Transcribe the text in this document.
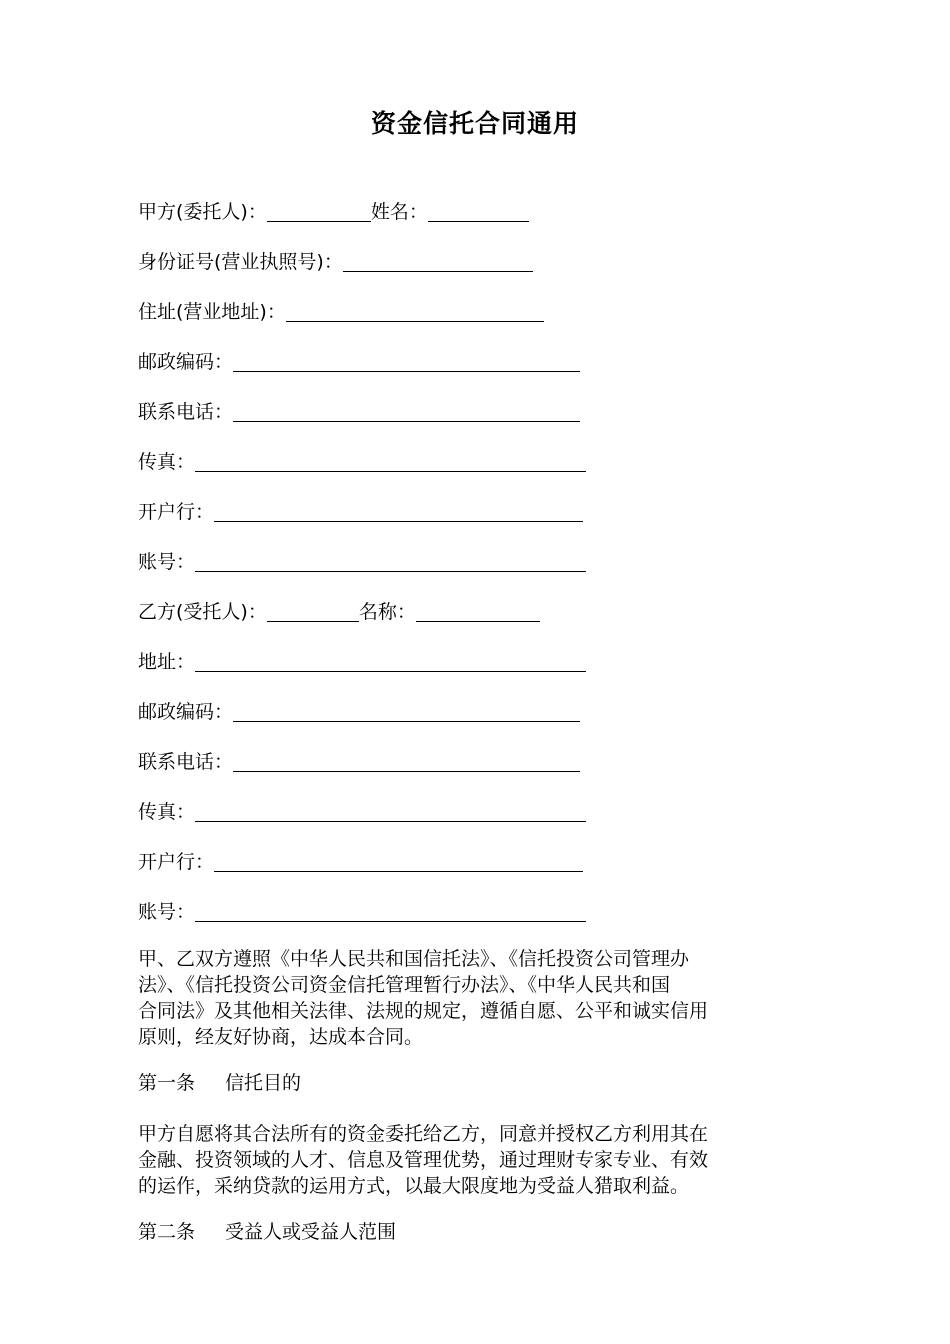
资金信托合同通用
甲方(委托人)：	姓名：
身份证号(营业执照号)：
住址(营业地址)：
邮政编码：
联系电话：
传真：
开户行：
账号：
乙方(受托人)：	名称：
地址：
邮政编码：
联系电话：
传真：
开户行：
账号：

甲、乙双方遵照《中华人民共和国信托法》、《信托投资公司管理办

法》、《信托投资公司资金信托管理暂行办法》、《中华人民共和国

合同法》及其他相关法律、法规的规定，遵循自愿、公平和诚实信用

原则，经友好协商，达成本合同。

第一条 信托目的

甲方自愿将其合法所有的资金委托给乙方，同意并授权乙方利用其在

金融、投资领域的人才、信息及管理优势，通过理财专家专业、有效

的运作，采纳贷款的运用方式，以最大限度地为受益人猎取利益。

第二条 受益人或受益人范围
